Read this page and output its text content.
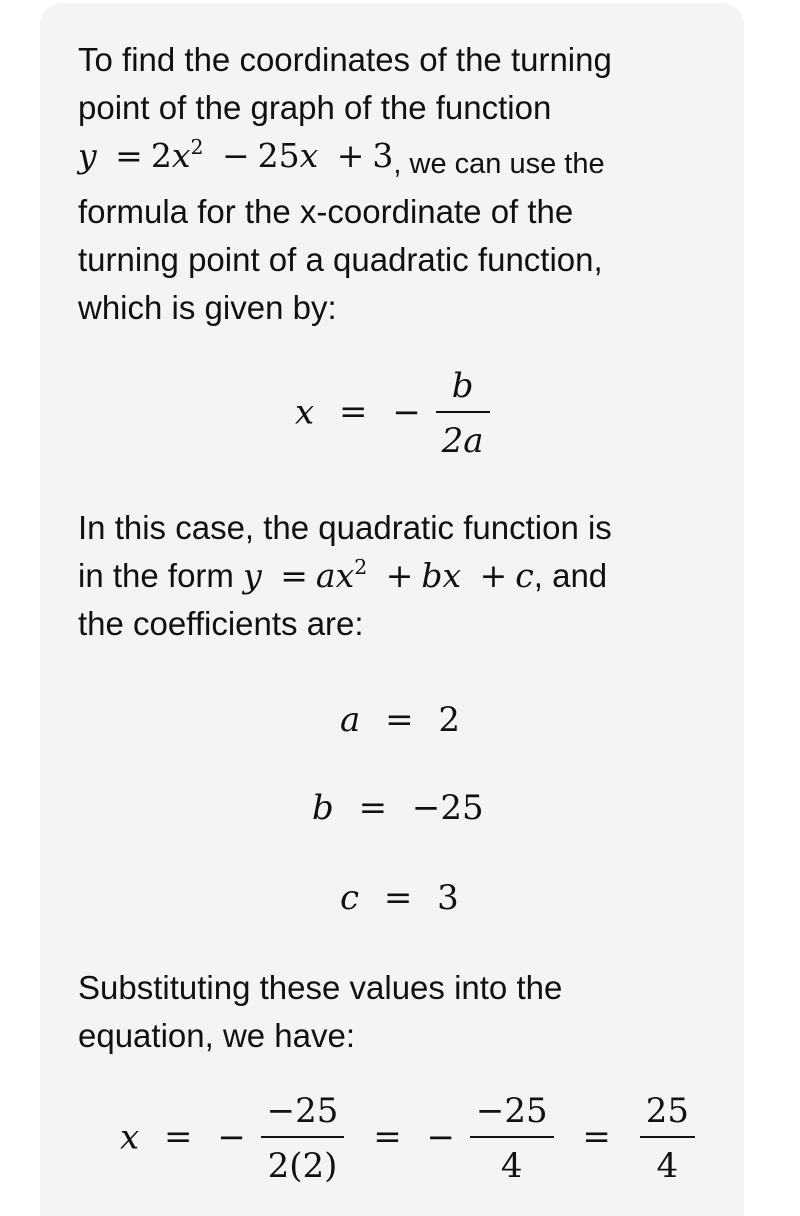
To find the coordinates of the turning
point of the graph of the function
$y = 2x^2 - 25x + 3$, we can use the
formula for the x-coordinate of the
turning point of a quadratic function,
which is given by:
x = − $\frac{b}{2a}$
In this case, the quadratic function is
in the form $y = ax^2$ + bx + c, and
the coefficients are:
a = 2
b = −25
c = 3
Substituting these values into the
equation, we have:
x = − $\frac{-25}{2(2)}$ = − $\frac{-25}{4} = \frac{25}{4}$
